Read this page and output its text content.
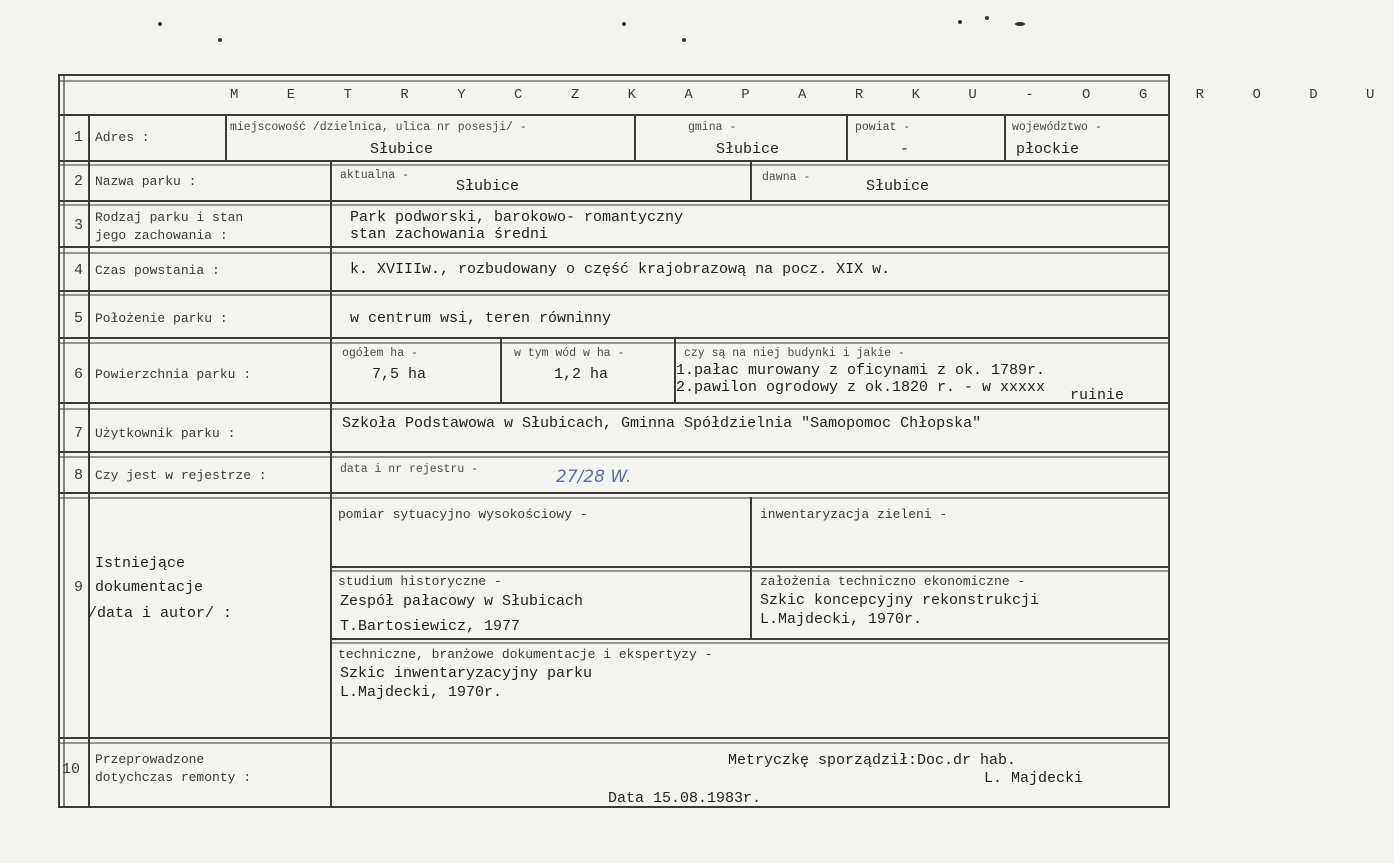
M E T R Y C Z K A P A R K U - O G R O D U
1 Adres :
miejscowość /dzielnica, ulica nr posesji/ -
Słubice
gmina -
Słubice
powiat -
-
województwo -
płockie
2 Nazwa parku :	aktualna -
Słubice
dawna -
Słubice
3 Rodzaj parku i stan
jego zachowania :
Park podworski, barokowo- romantyczny
stan zachowania średni
4 Czas powstania :	k. XVIIIw., rozbudowany o część krajobrazową na pocz. XIX w.
5 Położenie parku :	w centrum wsi, teren równinny
6 Powierzchnia parku :
ogółem ha -
7,5 ha
w tym wód w ha -
1,2 ha
czy są na niej budynki i jakie -
1.pałac murowany z oficynami z ok. 1789r.
2.pawilon ogrodowy z ok.1820 r. - w xxxxx ruinie
7 Użytkownik parku :
Szkoła Podstawowa w Słubicach, Gminna Spółdzielnia "Samopomoc Chłopska"
8 Czy jest w rejestrze :	data i nr rejestru -	27/28 W.
9
Istniejące
dokumentacje
/data i autor/ :
pomiar sytuacyjno wysokościowy -	inwentaryzacja zieleni -
studium historyczne -
Zespół pałacowy w Słubicach
T.Bartosiewicz, 1977
założenia techniczno ekonomiczne -
Szkic koncepcyjny rekonstrukcji
L.Majdecki, 1970r.
techniczne, branżowe dokumentacje i ekspertyzy -
Szkic inwentaryzacyjny parku
L.Majdecki, 1970r.
10
Przeprowadzone
dotychczas remonty :
Metryczkę sporządził:Doc.dr hab.
L. Majdecki
Data 15.08.1983r.
